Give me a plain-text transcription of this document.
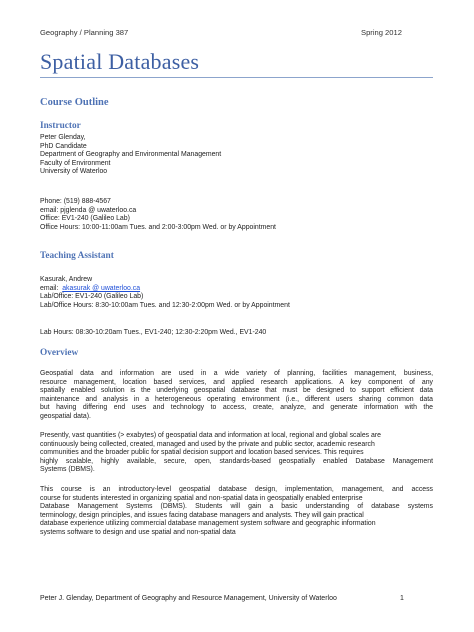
Geography / Planning 387	Spring 2012
Spatial Databases
Course Outline
Instructor
Peter Glenday,
PhD Candidate
Department of Geography and Environmental Management
Faculty of Environment
University of Waterloo
Phone: (519) 888-4567
email: pjglenda @ uwaterloo.ca
Office: EV1-240 (Galileo Lab)
Office Hours: 10:00-11:00am Tues. and 2:00-3:00pm Wed. or by Appointment
Teaching Assistant
Kasurak, Andrew
email:  akasurak @ uwaterloo.ca
Lab/Office: EV1-240 (Galileo Lab)
Lab/Office Hours: 8:30-10:00am Tues. and 12:30-2:00pm Wed. or by Appointment
Lab Hours: 08:30-10:20am Tues., EV1-240; 12:30-2:20pm Wed., EV1-240
Overview
Geospatial data and information are used in a wide variety of planning, facilities management, business,
resource management, location based services, and applied research applications. A key component of any
spatially enabled solution is the underlying geospatial database that must be designed to support efficient data
maintenance and analysis in a heterogeneous operating environment (i.e., different users sharing common data
but having differing end uses and technology to access, create, analyze, and generate information with the
geospatial data).
Presently, vast quantities (> exabytes) of geospatial data and information at local, regional and global scales are
continuously being collected, created, managed and used by the private and public sector, academic research
communities and the broader public for spatial decision support and location based services. This requires
highly scalable, highly available, secure, open, standards-based geospatially enabled Database Management
Systems (DBMS).
This course is an introductory-level geospatial database design, implementation, management, and access
course for students interested in organizing spatial and non-spatial data in geospatially enabled enterprise
Database Management Systems (DBMS). Students will gain a basic understanding of database systems
terminology, design principles, and issues facing database managers and analysts. They will gain practical
database experience utilizing commercial database management system software and geographic information
systems software to design and use spatial and non-spatial data
Peter J. Glenday, Department of Geography and Resource Management, University of Waterloo	1
